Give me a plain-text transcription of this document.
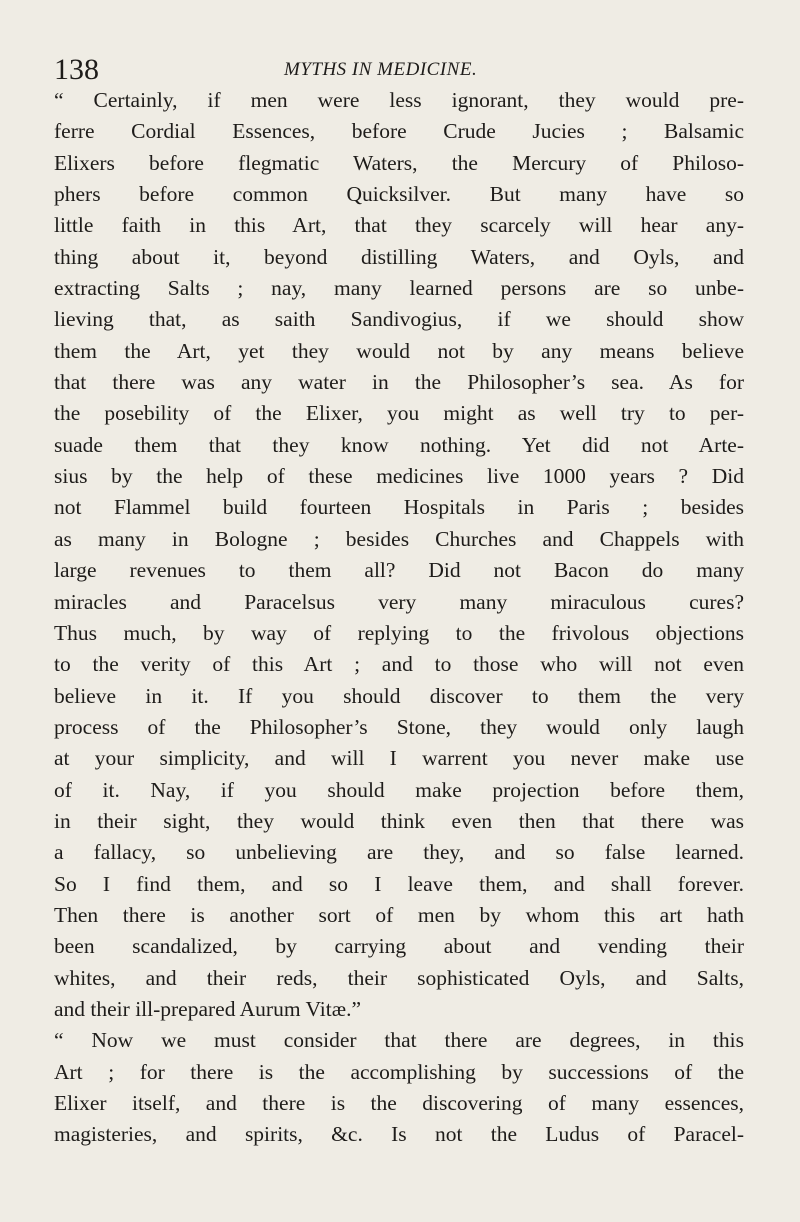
138	MYTHS IN MEDICINE.
“ Certainly, if men were less ignorant, they would pre-
ferre Cordial Essences, before Crude Jucies ; Balsamic
Elixers before flegmatic Waters, the Mercury of Philoso-
phers before common Quicksilver. But many have so
little faith in this Art, that they scarcely will hear any-
thing about it, beyond distilling Waters, and Oyls, and
extracting Salts ; nay, many learned persons are so unbe-
lieving that, as saith Sandivogius, if we should show
them the Art, yet they would not by any means believe
that there was any water in the Philosopher’s sea. As for
the posebility of the Elixer, you might as well try to per-
suade them that they know nothing. Yet did not Arte-
sius by the help of these medicines live 1000 years ? Did
not Flammel build fourteen Hospitals in Paris ; besides
as many in Bologne ; besides Churches and Chappels with
large revenues to them all? Did not Bacon do many
miracles and Paracelsus very many miraculous cures?
Thus much, by way of replying to the frivolous objections
to the verity of this Art ; and to those who will not even
believe in it. If you should discover to them the very
process of the Philosopher’s Stone, they would only laugh
at your simplicity, and will I warrent you never make use
of it. Nay, if you should make projection before them,
in their sight, they would think even then that there was
a fallacy, so unbelieving are they, and so false learned.
So I find them, and so I leave them, and shall forever.
Then there is another sort of men by whom this art hath
been scandalized, by carrying about and vending their
whites, and their reds, their sophisticated Oyls, and Salts,
and their ill-prepared Aurum Vitæ.”
“ Now we must consider that there are degrees, in this
Art ; for there is the accomplishing by successions of the
Elixer itself, and there is the discovering of many essences,
magisteries, and spirits, &c. Is not the Ludus of Paracel-
